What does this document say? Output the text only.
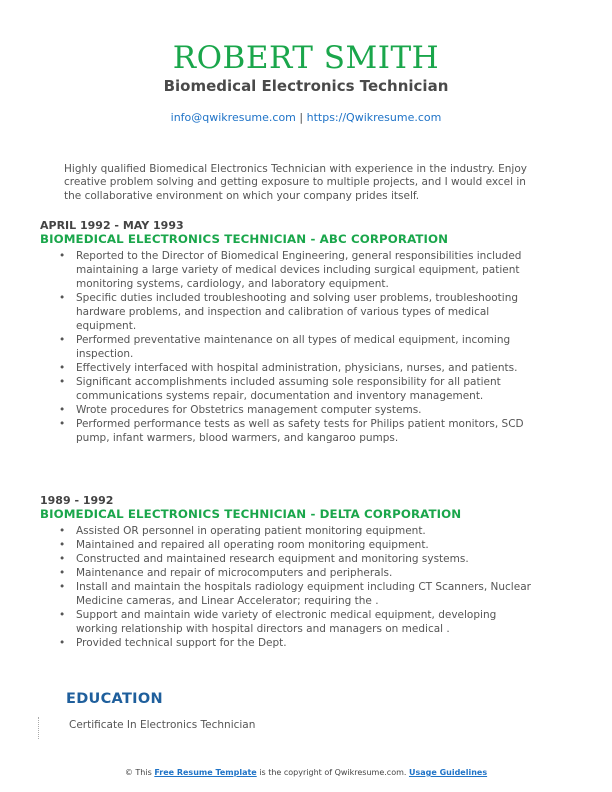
ROBERT SMITH
Biomedical Electronics Technician
info@qwikresume.com | https://Qwikresume.com
Highly qualified Biomedical Electronics Technician with experience in the industry. Enjoy creative problem solving and getting exposure to multiple projects, and I would excel in the collaborative environment on which your company prides itself.
APRIL 1992 - MAY 1993
BIOMEDICAL ELECTRONICS TECHNICIAN - ABC CORPORATION
• Reported to the Director of Biomedical Engineering, general responsibilities included maintaining a large variety of medical devices including surgical equipment, patient monitoring systems, cardiology, and laboratory equipment.
• Specific duties included troubleshooting and solving user problems, troubleshooting hardware problems, and inspection and calibration of various types of medical equipment.
• Performed preventative maintenance on all types of medical equipment, incoming inspection.
• Effectively interfaced with hospital administration, physicians, nurses, and patients.
• Significant accomplishments included assuming sole responsibility for all patient communications systems repair, documentation and inventory management.
• Wrote procedures for Obstetrics management computer systems.
• Performed performance tests as well as safety tests for Philips patient monitors, SCD pump, infant warmers, blood warmers, and kangaroo pumps.
1989 - 1992
BIOMEDICAL ELECTRONICS TECHNICIAN - DELTA CORPORATION
• Assisted OR personnel in operating patient monitoring equipment.
• Maintained and repaired all operating room monitoring equipment.
• Constructed and maintained research equipment and monitoring systems.
• Maintenance and repair of microcomputers and peripherals.
• Install and maintain the hospitals radiology equipment including CT Scanners, Nuclear Medicine cameras, and Linear Accelerator; requiring the .
• Support and maintain wide variety of electronic medical equipment, developing working relationship with hospital directors and managers on medical .
• Provided technical support for the Dept.
EDUCATION
Certificate In Electronics Technician
© This Free Resume Template is the copyright of Qwikresume.com. Usage Guidelines
